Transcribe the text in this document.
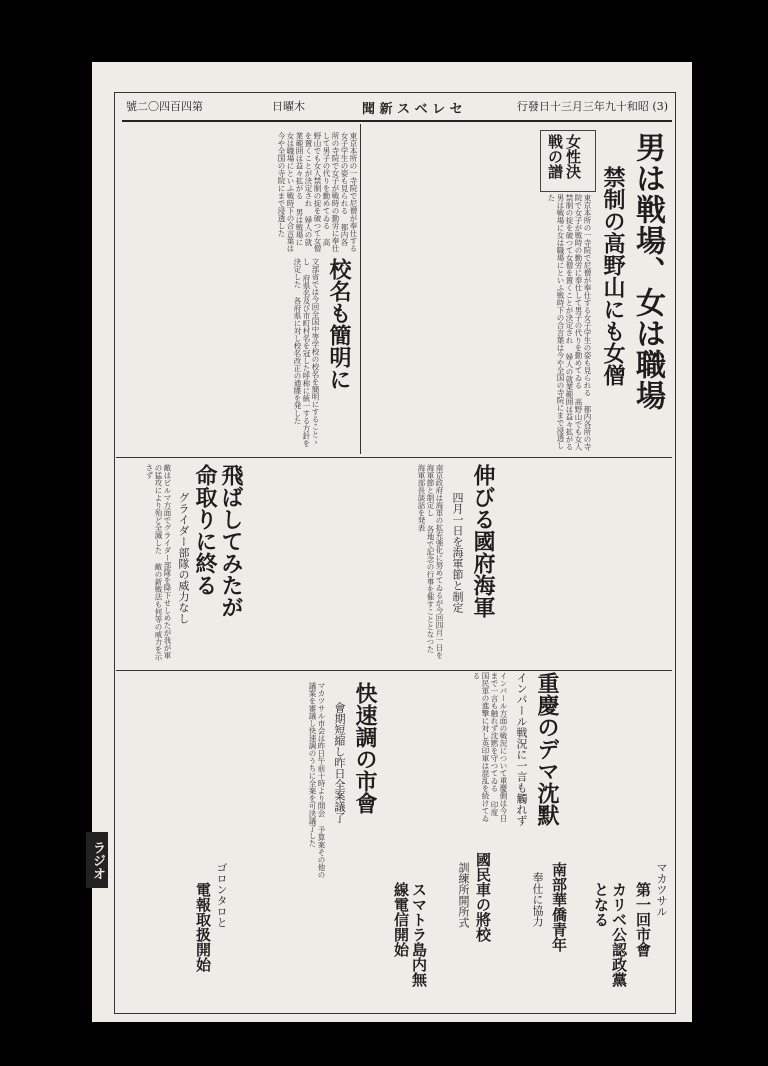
號二〇四百四第	日曜木	聞 新 ス ベ レ セ	行發日十三月三年九十和昭 (3)
男は戦場、女は職場
禁制の高野山にも女僧
女性決戦の譜
東京本所の一寺院で尼僧が奉仕する女子学生の姿も見られる 都内各所の寺院で女子が戦時の勤労に奉仕して男子の代りを勤めてゐる 高野山でも女人禁制の掟を破つて女僧を置くことが決定され 婦人の就業範囲は益々拡がる 男は戦場に女は職場にといふ戦時下の合言葉は今や全国の寺院にまで浸透した
東京本所の一寺院で尼僧が奉仕する女子学生の姿も見られる 都内各所の寺院で女子が戦時の勤労に奉仕して男子の代りを勤めてゐる 高野山でも女人禁制の掟を破つて女僧を置くことが決定され 婦人の就業範囲は益々拡がる 男は戦場に女は職場にといふ戦時下の合言葉は今や全国の寺院にまで浸透した
校名も簡明に
文部省では今回全国中等学校の校名を簡明にすることゝし 府県名及び市町村名を冠した呼称に統一する方針を決定した 各府県に対し校名改正の通牒を発した
伸びる國府海軍
四月一日を海軍節と制定
南京政府は海軍の拡充強化に努めてゐるが今回四月一日を海軍節と制定し 各地で記念の行事を催すこととなつた 海軍部長談話を発表
重慶のデマ沈默
インパール戦況に一言も觸れず
インパール方面の戦況について重慶側は今日まで一言も触れず沈黙を守つてゐる 印度国民軍の進撃に対し英印軍は混乱を続けてゐる
飛ばしてみたが命取りに終る
グライダー部隊の威力なし
敵はビルマ方面でグライダー部隊を降下せしめたが我が軍の猛攻により殆ど全滅した 敵の新戦法も何等の威力を示さず
快速調の市會
會期短縮し昨日全案議了
マカツサル市会は昨日午前十時より開会 予算案その他の議案を審議し快速調のうちに全案を可決議了した
國民車の將校
訓練所開所式
スマトラ島内無線電信開始	南部華僑青年
奉仕に協力	第一回市會 マカツサル
カリベ公認政黨となる
電報取扱開始 ゴロンタロと
ラジオ
